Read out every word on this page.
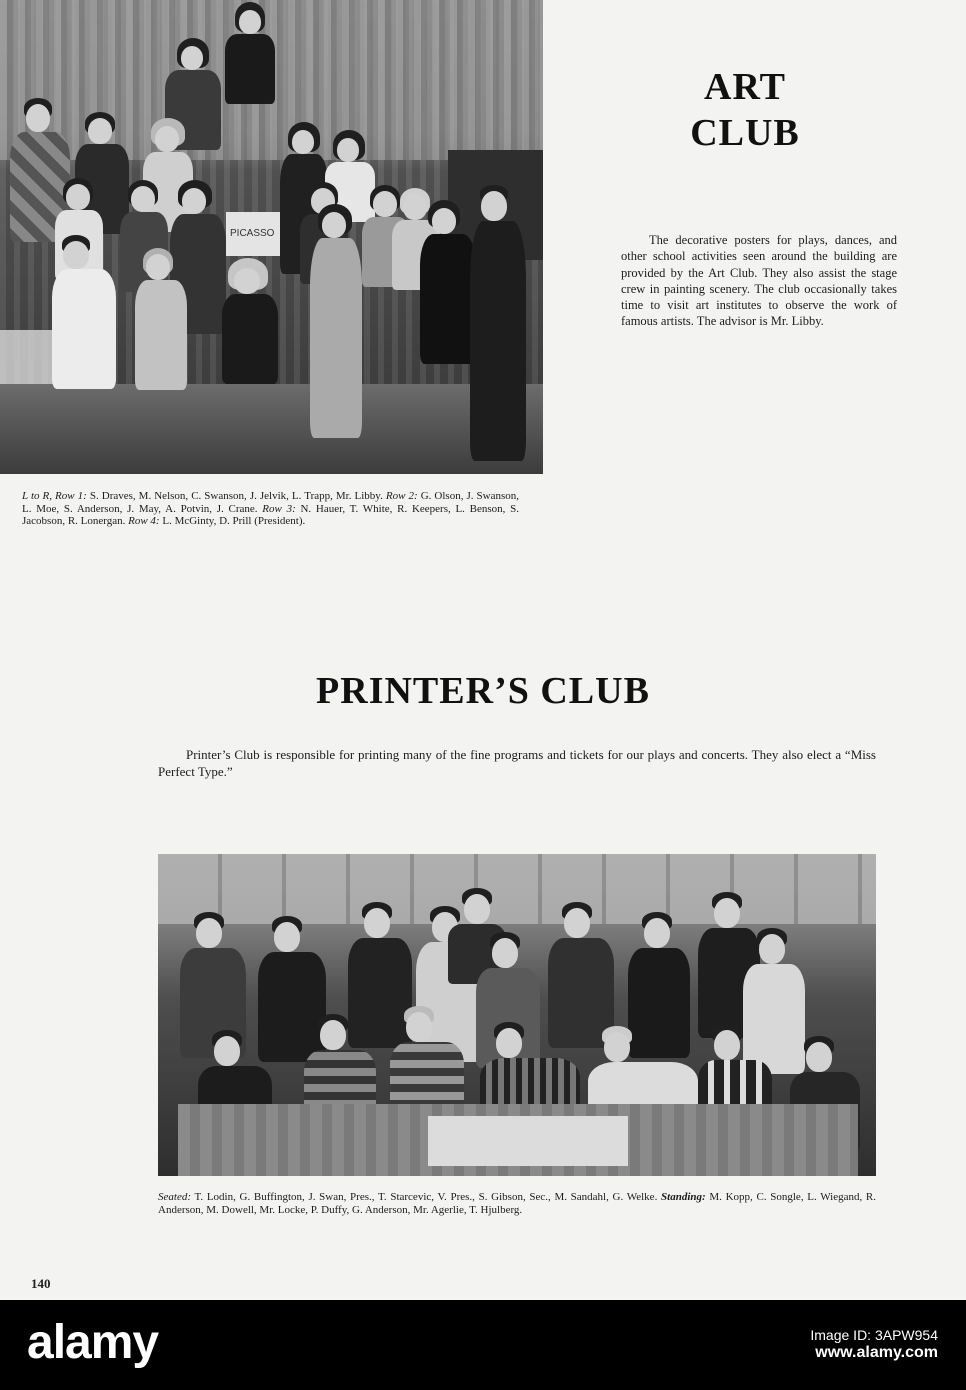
PICASSO
ART
CLUB

The decorative posters for plays, dances, and other school activities seen around the building are provided by the Art Club. They also assist the stage crew in painting scenery. The club occasionally takes time to visit art institutes to observe the work of famous artists. The advisor is Mr. Libby.

L to R, Row 1: S. Draves, M. Nelson, C. Swanson, J. Jelvik, L. Trapp, Mr. Libby. Row 2: G. Olson, J. Swanson, L. Moe, S. Anderson, J. May, A. Potvin, J. Crane. Row 3: N. Hauer, T. White, R. Keepers, L. Benson, S. Jacobson, R. Lonergan. Row 4: L. McGinty, D. Prill (President).

PRINTER’S CLUB

Printer’s Club is responsible for printing many of the fine programs and tickets for our plays and concerts. They also elect a “Miss Perfect Type.”

Seated: T. Lodin, G. Buffington, J. Swan, Pres., T. Starcevic, V. Pres., S. Gibson, Sec., M. Sandahl, G. Welke. Standing: M. Kopp, C. Songle, L. Wiegand, R. Anderson, M. Dowell, Mr. Locke, P. Duffy, G. Anderson, Mr. Agerlie, T. Hjulberg.

140
alamy	Image ID: 3APW954
www.alamy.com
